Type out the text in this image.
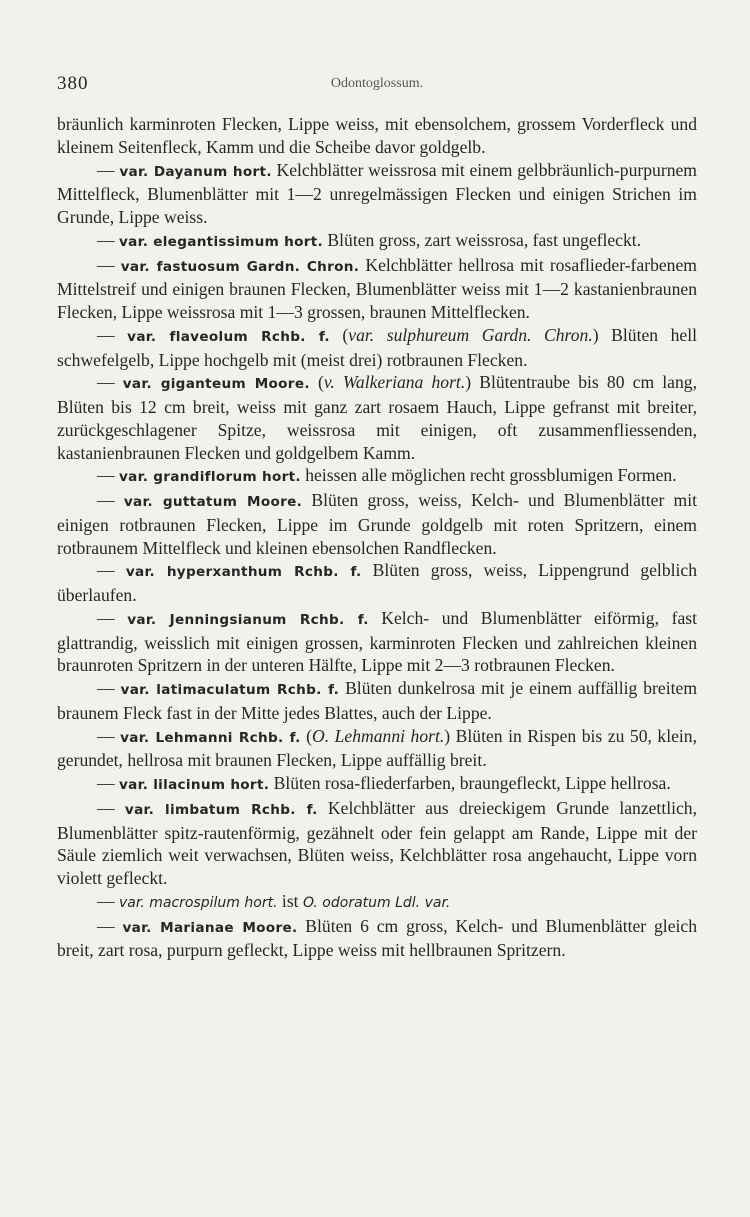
380	Odontoglossum.

bräunlich karminroten Flecken, Lippe weiss, mit ebensolchem, grossem Vorderfleck und kleinem Seitenfleck, Kamm und die Scheibe davor goldgelb.

— var. Dayanum hort. Kelchblätter weissrosa mit einem gelbbräunlich-purpurnem Mittelfleck, Blumenblätter mit 1—2 unregelmässigen Flecken und einigen Strichen im Grunde, Lippe weiss.

— var. elegantissimum hort. Blüten gross, zart weissrosa, fast ungefleckt.

— var. fastuosum Gardn. Chron. Kelchblätter hellrosa mit rosaflieder-farbenem Mittelstreif und einigen braunen Flecken, Blumenblätter weiss mit 1—2 kastanienbraunen Flecken, Lippe weissrosa mit 1—3 grossen, braunen Mittelflecken.

— var. flaveolum Rchb. f. (var. sulphureum Gardn. Chron.) Blüten hell schwefelgelb, Lippe hochgelb mit (meist drei) rotbraunen Flecken.

— var. giganteum Moore. (v. Walkeriana hort.) Blütentraube bis 80 cm lang, Blüten bis 12 cm breit, weiss mit ganz zart rosaem Hauch, Lippe gefranst mit breiter, zurückgeschlagener Spitze, weissrosa mit einigen, oft zusammenfliessenden, kastanienbraunen Flecken und goldgelbem Kamm.

— var. grandiflorum hort. heissen alle möglichen recht grossblumigen Formen.

— var. guttatum Moore. Blüten gross, weiss, Kelch- und Blumenblätter mit einigen rotbraunen Flecken, Lippe im Grunde goldgelb mit roten Spritzern, einem rotbraunem Mittelfleck und kleinen ebensolchen Randflecken.

— var. hyperxanthum Rchb. f. Blüten gross, weiss, Lippengrund gelblich überlaufen.

— var. Jenningsianum Rchb. f. Kelch- und Blumenblätter eiförmig, fast glattrandig, weisslich mit einigen grossen, karminroten Flecken und zahlreichen kleinen braunroten Spritzern in der unteren Hälfte, Lippe mit 2—3 rotbraunen Flecken.

— var. latimaculatum Rchb. f. Blüten dunkelrosa mit je einem auffällig breitem braunem Fleck fast in der Mitte jedes Blattes, auch der Lippe.

— var. Lehmanni Rchb. f. (O. Lehmanni hort.) Blüten in Rispen bis zu 50, klein, gerundet, hellrosa mit braunen Flecken, Lippe auffällig breit.

— var. lilacinum hort. Blüten rosa-fliederfarben, braungefleckt, Lippe hellrosa.

— var. limbatum Rchb. f. Kelchblätter aus dreieckigem Grunde lanzettlich, Blumenblätter spitz-rautenförmig, gezähnelt oder fein gelappt am Rande, Lippe mit der Säule ziemlich weit verwachsen, Blüten weiss, Kelchblätter rosa angehaucht, Lippe vorn violett gefleckt.

— var. macrospilum hort. ist O. odoratum Ldl. var.

— var. Marianae Moore. Blüten 6 cm gross, Kelch- und Blumenblätter gleich breit, zart rosa, purpurn gefleckt, Lippe weiss mit hellbraunen Spritzern.
